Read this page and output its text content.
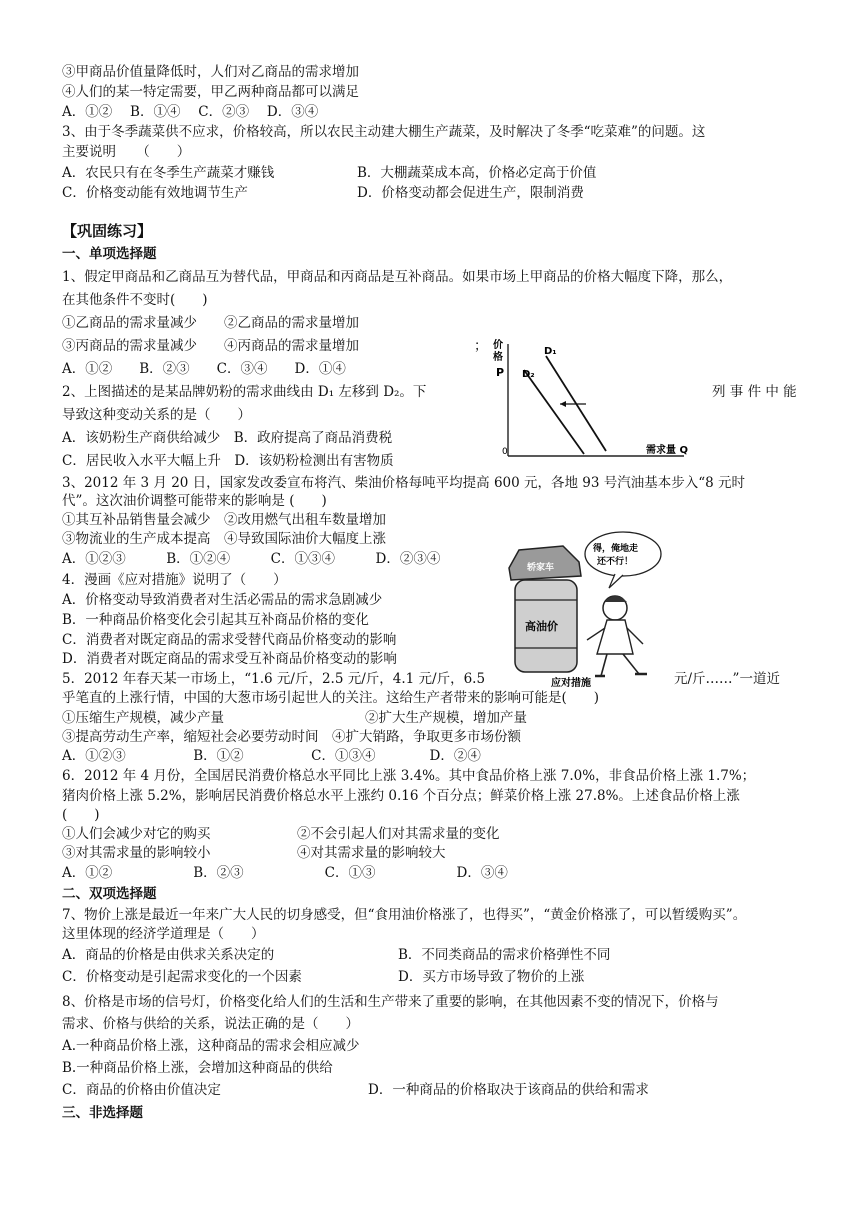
③甲商品价值量降低时，人们对乙商品的需求增加
④人们的某一特定需要，甲乙两种商品都可以满足
A．①②　 B．①④　 C．②③　 D．③④
3、由于冬季蔬菜供不应求，价格较高，所以农民主动建大棚生产蔬菜，及时解决了冬季“吃菜难”的问题。这
主要说明　　（　　）
A．农民只有在冬季生产蔬菜才赚钱	B．大棚蔬菜成本高，价格必定高于价值
C．价格变动能有效地调节生产	D．价格变动都会促进生产，限制消费
【巩固练习】
一、单项选择题
1、假定甲商品和乙商品互为替代品，甲商品和丙商品是互补商品。如果市场上甲商品的价格大幅度下降，那么，
在其他条件不变时(　　)
①乙商品的需求量减少　　②乙商品的需求量增加
③丙商品的需求量减少　　④丙商品的需求量增加	；
A．①②　　B．②③　　C．③④　　D．①④
2、上图描述的是某品牌奶粉的需求曲线由 D₁ 左移到 D₂。下	列 事 件 中 能
导致这种变动关系的是（　　）
A．该奶粉生产商供给减少　B．政府提高了商品消费税
C．居民收入水平大幅上升　D．该奶粉检测出有害物质
3、2012 年 3 月 20 日，国家发改委宣布将汽、柴油价格每吨平均提高 600 元，各地 93 号汽油基本步入“8 元时
代”。这次油价调整可能带来的影响是 (　　)
①其互补品销售量会减少　②改用燃气出租车数量增加
③物流业的生产成本提高　④导致国际油价大幅度上涨
A．①②③　　　B．①②④　　　C．①③④　　　D．②③④
4．漫画《应对措施》说明了（　　）
A．价格变动导致消费者对生活必需品的需求急剧减少
B．一种商品价格变化会引起其互补商品价格的变化
C．消费者对既定商品的需求受替代商品价格变动的影响
D．消费者对既定商品的需求受互补商品价格变动的影响
5．2012 年春天某一市场上，“1.6 元/斤，2.5 元/斤，4.1 元/斤，6.5	元/斤……”一道近
乎笔直的上涨行情，中国的大葱市场引起世人的关注。这给生产者带来的影响可能是(　　)
①压缩生产规模，减少产量	②扩大生产规模，增加产量
③提高劳动生产率，缩短社会必要劳动时间　④扩大销路，争取更多市场份额
A．①②③　　　　　B．①②　　　　　C．①③④　　　　D．②④
6．2012 年 4 月份，全国居民消费价格总水平同比上涨 3.4%。其中食品价格上涨 7.0%，非食品价格上涨 1.7%；
猪肉价格上涨 5.2%，影响居民消费价格总水平上涨约 0.16 个百分点；鲜菜价格上涨 27.8%。上述食品价格上涨
(　　)
①人们会减少对它的购买	②不会引起人们对其需求量的变化
③对其需求量的影响较小	④对其需求量的影响较大
A．①②　　　　　　B．②③　　　　　　C．①③　　　　　　D．③④
二、双项选择题
7、物价上涨是最近一年来广大人民的切身感受，但“食用油价格涨了，也得买”，“黄金价格涨了，可以暂缓购买”。
这里体现的经济学道理是（　　）
A．商品的价格是由供求关系决定的	B．不同类商品的需求价格弹性不同
C．价格变动是引起需求变化的一个因素	D．买方市场导致了物价的上涨
8、价格是市场的信号灯，价格变化给人们的生活和生产带来了重要的影响，在其他因素不变的情况下，价格与
需求、价格与供给的关系，说法正确的是（　　）
A.一种商品价格上涨，这种商品的需求会相应减少
B.一种商品价格上涨，会增加这种商品的供给
C．商品的价格由价值决定	D．一种商品的价格取决于该商品的供给和需求
三、非选择题
价
格
P
D₁
D₂
0	需求量 Q
高油价
轿家车
得，俺地走
还不行！
应对措施
